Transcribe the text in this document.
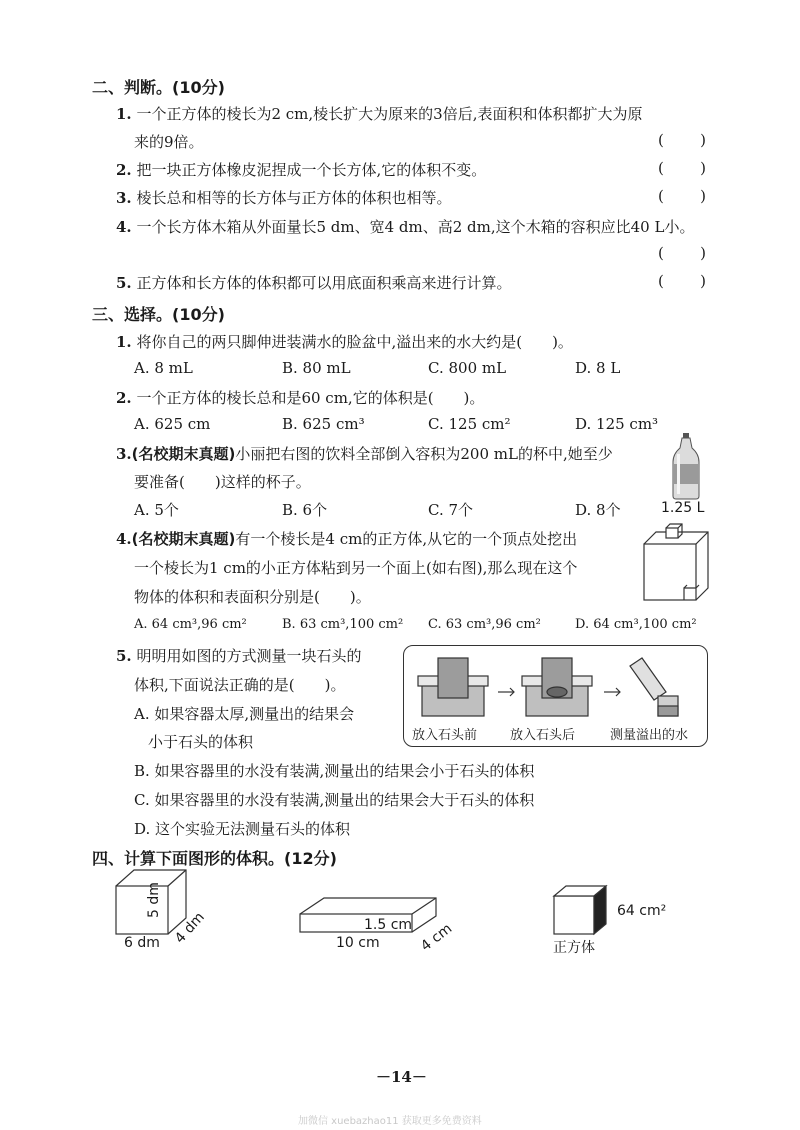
二、判断。(10分)
1. 一个正方体的棱长为2 cm,棱长扩大为原来的3倍后,表面积和体积都扩大为原
来的9倍。	( )
2. 把一块正方体橡皮泥捏成一个长方体,它的体积不变。	( )
3. 棱长总和相等的长方体与正方体的体积也相等。	( )
4. 一个长方体木箱从外面量长5 dm、宽4 dm、高2 dm,这个木箱的容积应比40 L小。
( )
5. 正方体和长方体的体积都可以用底面积乘高来进行计算。	( )
三、选择。(10分)
1. 将你自己的两只脚伸进装满水的脸盆中,溢出来的水大约是(　　)。
A. 8 mL	B. 80 mL	C. 800 mL	D. 8 L
2. 一个正方体的棱长总和是60 cm,它的体积是(　　)。
A. 625 cm	B. 625 cm³	C. 125 cm²	D. 125 cm³
3.(名校期末真题)小丽把右图的饮料全部倒入容积为200 mL的杯中,她至少
要准备(　　)这样的杯子。
A. 5个	B. 6个	C. 7个	D. 8个	1.25 L
4.(名校期末真题)有一个棱长是4 cm的正方体,从它的一个顶点处挖出
一个棱长为1 cm的小正方体粘到另一个面上(如右图),那么现在这个
物体的体积和表面积分别是(　　)。
A. 64 cm³,96 cm²	B. 63 cm³,100 cm² C. 63 cm³,96 cm²	D. 64 cm³,100 cm²
5. 明明用如图的方式测量一块石头的
体积,下面说法正确的是(　　)。
A. 如果容器太厚,测量出的结果会
小于石头的体积
B. 如果容器里的水没有装满,测量出的结果会小于石头的体积
C. 如果容器里的水没有装满,测量出的结果会大于石头的体积
D. 这个实验无法测量石头的体积
放入石头前	放入石头后	测量溢出的水
四、计算下面图形的体积。(12分)
5 dm
6 dm 4 dm	1.5 cm
10 cm	4 cm
64 cm²
正方体
－14－
加微信 xuebazhao11 获取更多免费资料
